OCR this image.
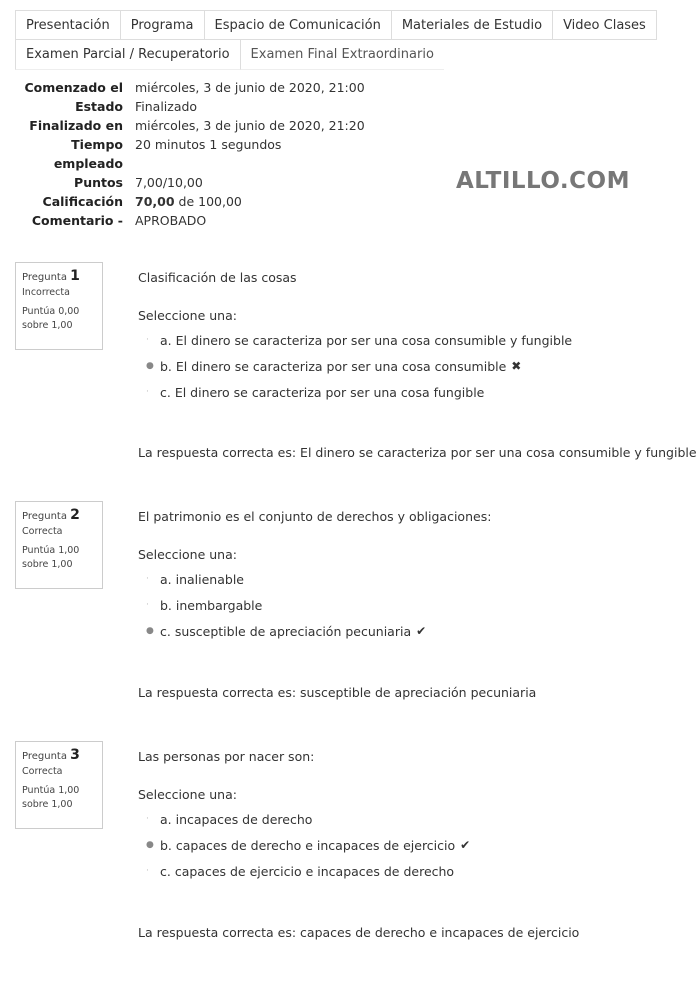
Presentación	Programa	Espacio de Comunicación	Materiales de Estudio	Video Clases
Examen Parcial / Recuperatorio	Examen Final Extraordinario
Comenzado el miércoles, 3 de junio de 2020, 21:00
Estado Finalizado
Finalizado en miércoles, 3 de junio de 2020, 21:20
Tiempo empleado
20 minutos 1 segundos
Puntos 7,00/10,00
Calificación 70,00 de 100,00
Comentario - APROBADO
ALTILLO.COM
Pregunta 1
Incorrecta
Puntúa 0,00 sobre 1,00
Clasificación de las cosas
Seleccione una:
· a. El dinero se caracteriza por ser una cosa consumible y fungible
● b. El dinero se caracteriza por ser una cosa consumible ✖
· c. El dinero se caracteriza por ser una cosa fungible
La respuesta correcta es: El dinero se caracteriza por ser una cosa consumible y fungible
Pregunta 2
Correcta
Puntúa 1,00 sobre 1,00
El patrimonio es el conjunto de derechos y obligaciones:
Seleccione una:
· a. inalienable
· b. inembargable
● c. susceptible de apreciación pecuniaria ✔
La respuesta correcta es: susceptible de apreciación pecuniaria
Pregunta 3
Correcta
Puntúa 1,00 sobre 1,00
Las personas por nacer son:
Seleccione una:
· a. incapaces de derecho
● b. capaces de derecho e incapaces de ejercicio ✔
· c. capaces de ejercicio e incapaces de derecho
La respuesta correcta es: capaces de derecho e incapaces de ejercicio
